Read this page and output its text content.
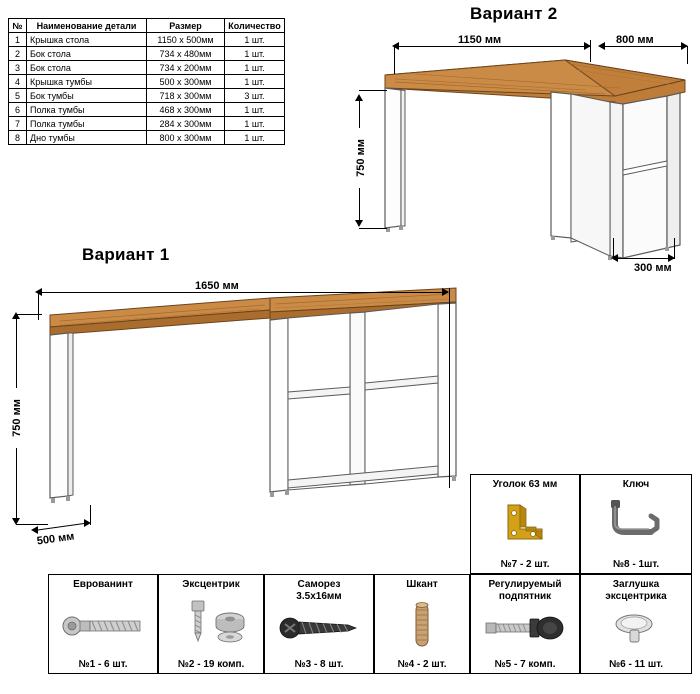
№	Наименование детали	Размер	Количество
1	Крышка стола	1150 x 500мм	1 шт.
2	Бок стола	734 х 480мм	1 шт.
3	Бок стола	734 х 200мм	1 шт.
4	Крышка тумбы	500 х 300мм	1 шт.
5	Бок тумбы	718 х 300мм	3 шт.
6	Полка тумбы	468 х 300мм	1 шт.
7	Полка тумбы	284 х 300мм	1 шт.
8	Дно тумбы	800 х 300мм	1 шт.
Вариант 2
1150 мм	800 мм
750 мм
300 мм
Вариант 1
1650 мм
750 мм
500 мм
Уголок 63 мм
№7 - 2 шт.
Ключ
№8 - 1шт.
Еврованинт
№1 - 6 шт.
Эксцентрик
№2 - 19 комп.
Саморез
3.5х16мм
№3 - 8 шт.
Шкант
№4 - 2 шт.
Регулируемый
подпятник
№5 - 7 комп.
Заглушка
эксцентрика
№6 - 11 шт.
